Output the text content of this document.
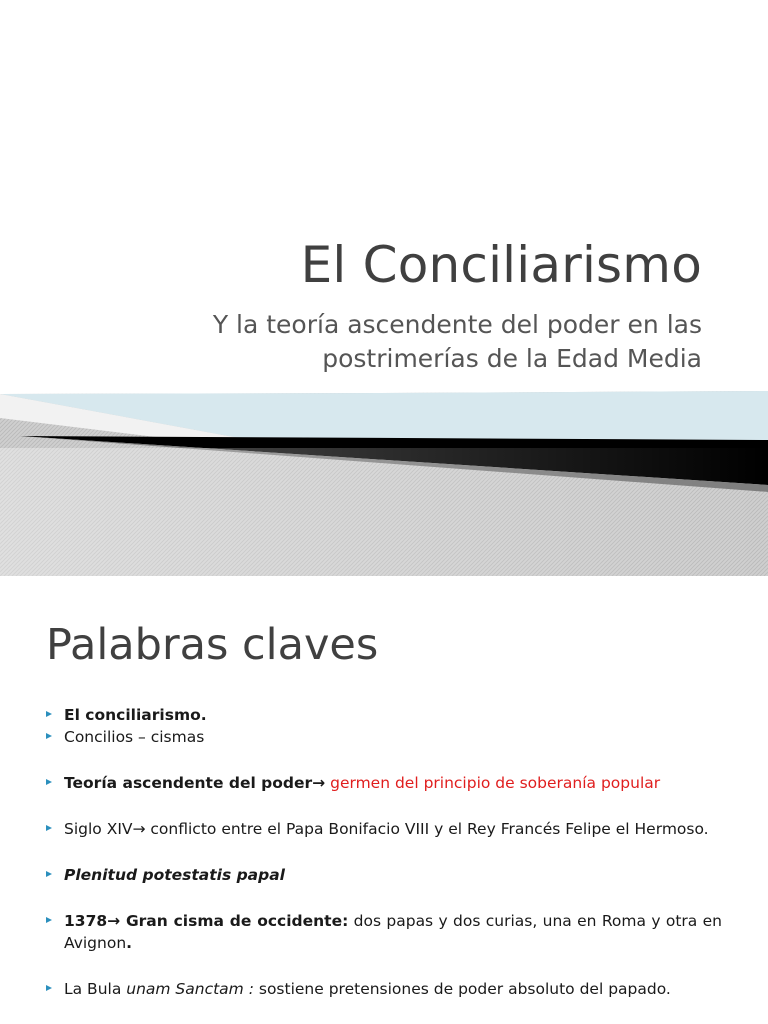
El Conciliarismo
Y la teoría ascendente del poder en las
postrimerías de la Edad Media
Palabras claves
El conciliarismo.
Concilios – cismas
Teoría ascendente del poder→ germen del principio de soberanía popular
Siglo XIV→ conflicto entre el Papa Bonifacio VIII y el Rey Francés Felipe el Hermoso.
Plenitud potestatis papal
1378→ Gran cisma de occidente: dos papas y dos curias, una en Roma y otra en Avignon.
La Bula unam Sanctam : sostiene pretensiones de poder absoluto del papado.
